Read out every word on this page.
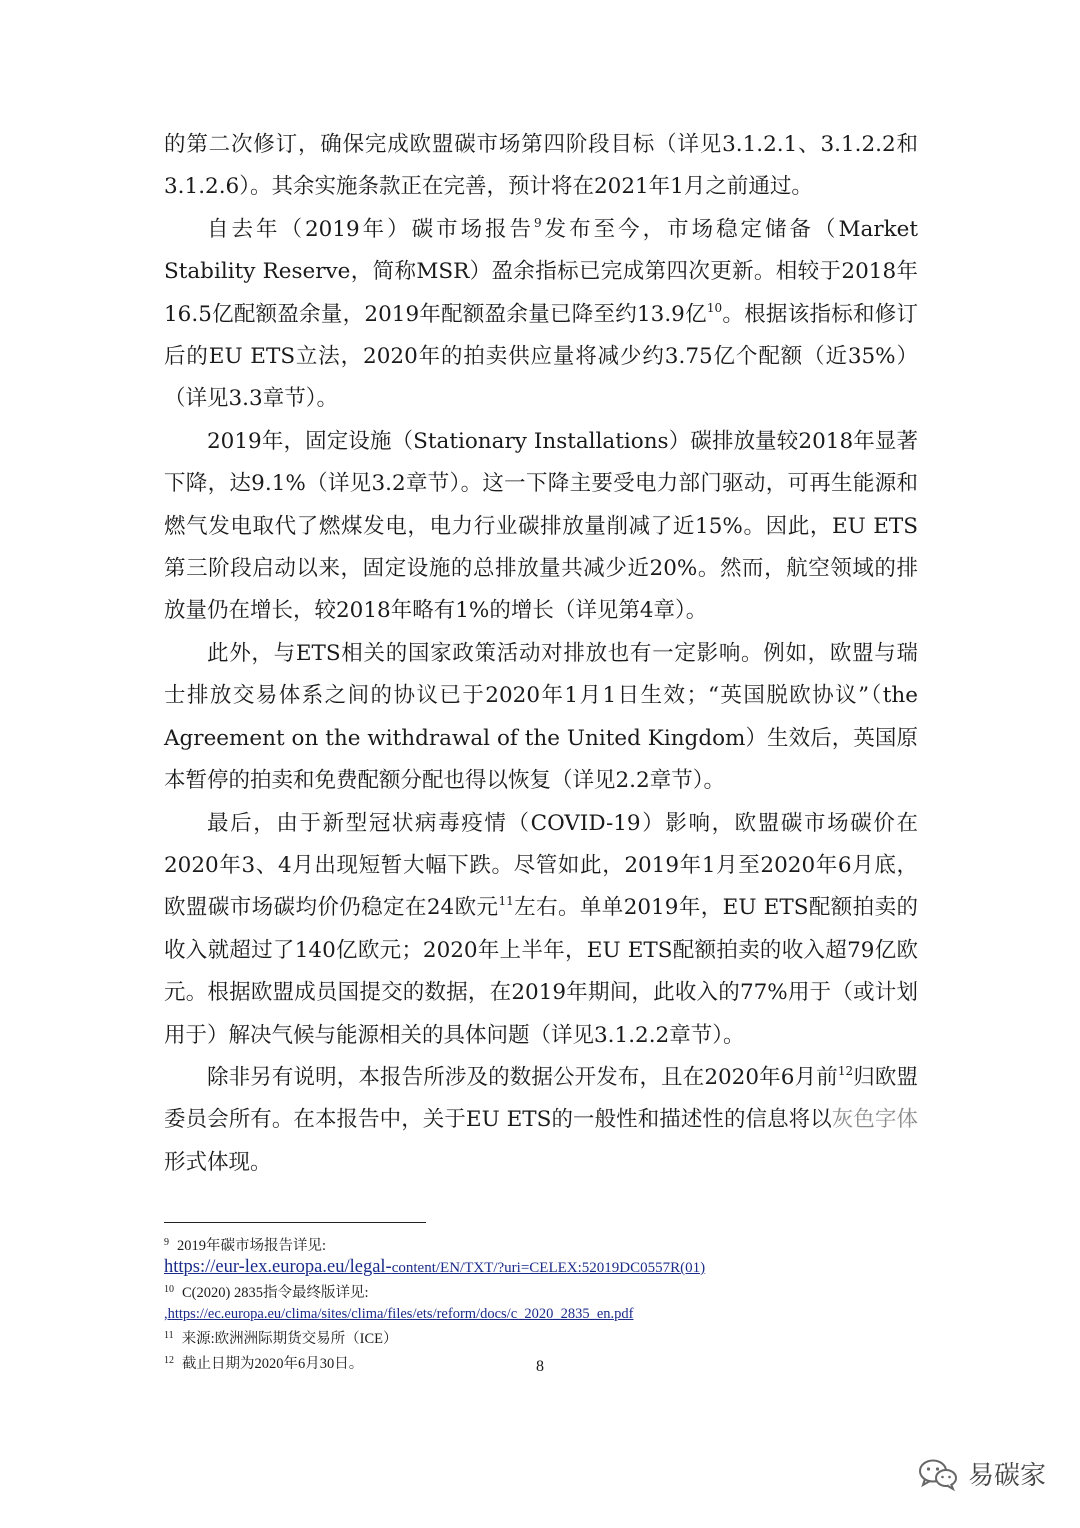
的第二次修订，确保完成欧盟碳市场第四阶段目标（详见3.1.2.1、3.1.2.2和3.1.2.6）。其余实施条款正在完善，预计将在2021年1月之前通过。

自去年（2019年）碳市场报告$^9$发布至今，市场稳定储备（Market Stability Reserve，简称MSR）盈余指标已完成第四次更新。相较于2018年16.5亿配额盈余量，2019年配额盈余量已降至约13.9亿$^{10}$。根据该指标和修订后的EU ETS立法，2020年的拍卖供应量将减少约3.75亿个配额（近35%）（详见3.3章节）。

2019年，固定设施（Stationary Installations）碳排放量较2018年显著下降，达9.1%（详见3.2章节）。这一下降主要受电力部门驱动，可再生能源和燃气发电取代了燃煤发电，电力行业碳排放量削减了近15%。因此，EU ETS第三阶段启动以来，固定设施的总排放量共减少近20%。然而，航空领域的排放量仍在增长，较2018年略有1%的增长（详见第4章）。

此外，与ETS相关的国家政策活动对排放也有一定影响。例如，欧盟与瑞士排放交易体系之间的协议已于2020年1月1日生效；“英国脱欧协议”（the Agreement on the withdrawal of the United Kingdom）生效后，英国原本暂停的拍卖和免费配额分配也得以恢复（详见2.2章节）。

最后，由于新型冠状病毒疫情（COVID-19）影响，欧盟碳市场碳价在2020年3、4月出现短暂大幅下跌。尽管如此，2019年1月至2020年6月底，欧盟碳市场碳均价仍稳定在24欧元$^{11}$左右。单单2019年，EU ETS配额拍卖的收入就超过了140亿欧元；2020年上半年，EU ETS配额拍卖的收入超79亿欧元。根据欧盟成员国提交的数据，在2019年期间，此收入的77%用于（或计划用于）解决气候与能源相关的具体问题（详见3.1.2.2章节）。

除非另有说明，本报告所涉及的数据公开发布，且在2020年6月前$^{12}$归欧盟委员会所有。在本报告中，关于EU ETS的一般性和描述性的信息将以灰色字体形式体现。

$^9$ 2019年碳市场报告详见:
https://eur-lex.europa.eu/legal-content/EN/TXT/?uri=CELEX:52019DC0557R(01)
$^{10}$ C(2020) 2835指令最终版详见:
,https://ec.europa.eu/clima/sites/clima/files/ets/reform/docs/c_2020_2835_en.pdf
$^{11}$ 来源:欧洲洲际期货交易所（ICE）
$^{12}$ 截止日期为2020年6月30日。	8
易碳家
